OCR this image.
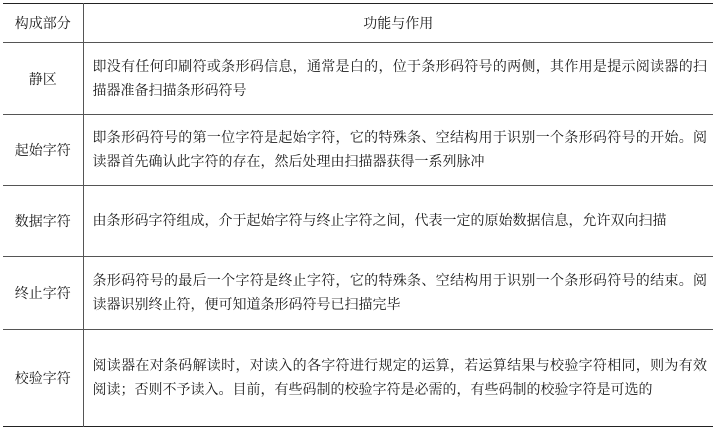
构成部分	功能与作用
静区	即没有任何印刷符或条形码信息，通常是白的，位于条形码符号的两侧，其作用是提示阅读器的扫描器准备扫描条形码符号
起始字符	即条形码符号的第一位字符是起始字符，它的特殊条、空结构用于识别一个条形码符号的开始。阅读器首先确认此字符的存在，然后处理由扫描器获得一系列脉冲
数据字符	由条形码字符组成，介于起始字符与终止字符之间，代表一定的原始数据信息，允许双向扫描
终止字符	条形码符号的最后一个字符是终止字符，它的特殊条、空结构用于识别一个条形码符号的结束。阅读器识别终止符，便可知道条形码符号已扫描完毕
校验字符	阅读器在对条码解读时，对读入的各字符进行规定的运算，若运算结果与校验字符相同，则为有效阅读；否则不予读入。目前，有些码制的校验字符是必需的，有些码制的校验字符是可选的
